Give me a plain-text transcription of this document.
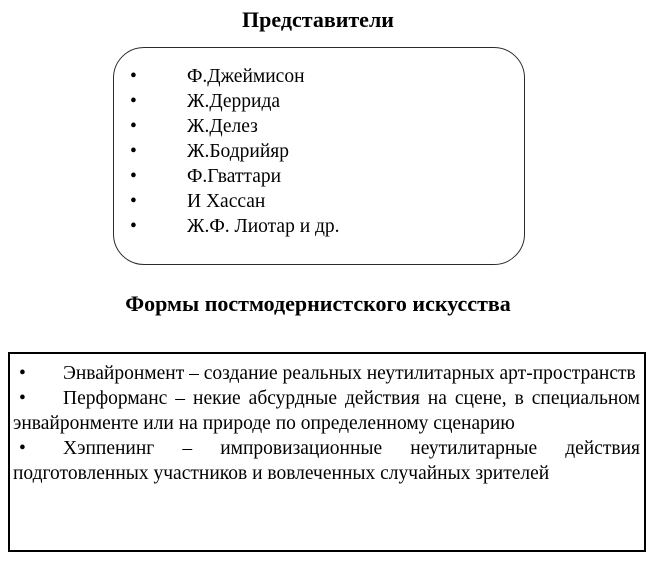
Представители
•	Ф.Джеймисон
•	Ж.Деррида
•	Ж.Делез
•	Ж.Бодрийяр
•	Ф.Гваттари
•	И Хассан
•	Ж.Ф. Лиотар и др.
Формы постмодернистского искусства

• Энвайронмент – создание реальных неутилитарных арт-пространств

• Перформанс – некие абсурдные действия на сцене, в специальном энвайронменте или на природе по определенному сценарию

• Хэппенинг – импровизационные неутилитарные действия подготовленных участников и вовлеченных случайных зрителей
